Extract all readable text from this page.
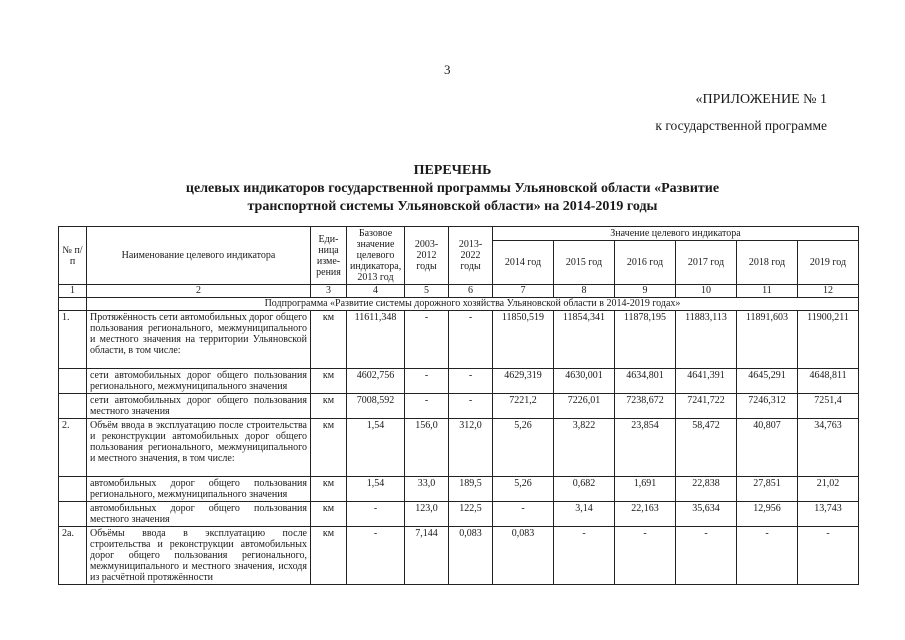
3
«ПРИЛОЖЕНИЕ № 1
к государственной программе
ПЕРЕЧЕНЬ
целевых индикаторов государственной программы Ульяновской области «Развитие
транспортной системы Ульяновской области» на 2014-2019 годы
№ п/п	Наименование целевого индикатора	Еди-ница изме-рения	Базовое значение целевого индикатора, 2013 год	2003-2012 годы	2013-2022 годы	Значение целевого индикатора					
						2014 год	2015 год	2016 год	2017 год	2018 год	2019 год
1	2	3	4	5	6	7	8	9	10	11	12
	Подпрограмма «Развитие системы дорожного хозяйства Ульяновской области в 2014-2019 годах»										
1.	Протяжённость сети автомобильных дорог общего пользования регионального, межмуниципального и местного значения на территории Ульяновской области, в том числе:	км	11611,348	-	-	11850,519	11854,341	11878,195	11883,113	11891,603	11900,211
	сети автомобильных дорог общего пользования регионального, межмуниципального значения	км	4602,756	-	-	4629,319	4630,001	4634,801	4641,391	4645,291	4648,811
	сети автомобильных дорог общего пользования местного значения	км	7008,592	-	-	7221,2	7226,01	7238,672	7241,722	7246,312	7251,4
2.	Объём ввода в эксплуатацию после строительства и реконструкции автомобильных дорог общего пользования регионального, межмуниципального и местного значения, в том числе:	км	1,54	156,0	312,0	5,26	3,822	23,854	58,472	40,807	34,763
	автомобильных дорог общего пользования регионального, межмуниципального значения	км	1,54	33,0	189,5	5,26	0,682	1,691	22,838	27,851	21,02
	автомобильных дорог общего пользования местного значения	км	-	123,0	122,5	-	3,14	22,163	35,634	12,956	13,743
2а.	Объёмы ввода в эксплуатацию после строительства и реконструкции автомобильных дорог общего пользования регионального, межмуниципального и местного значения, исходя из расчётной протяжённости	км	-	7,144	0,083	0,083	-	-	-	-	-
